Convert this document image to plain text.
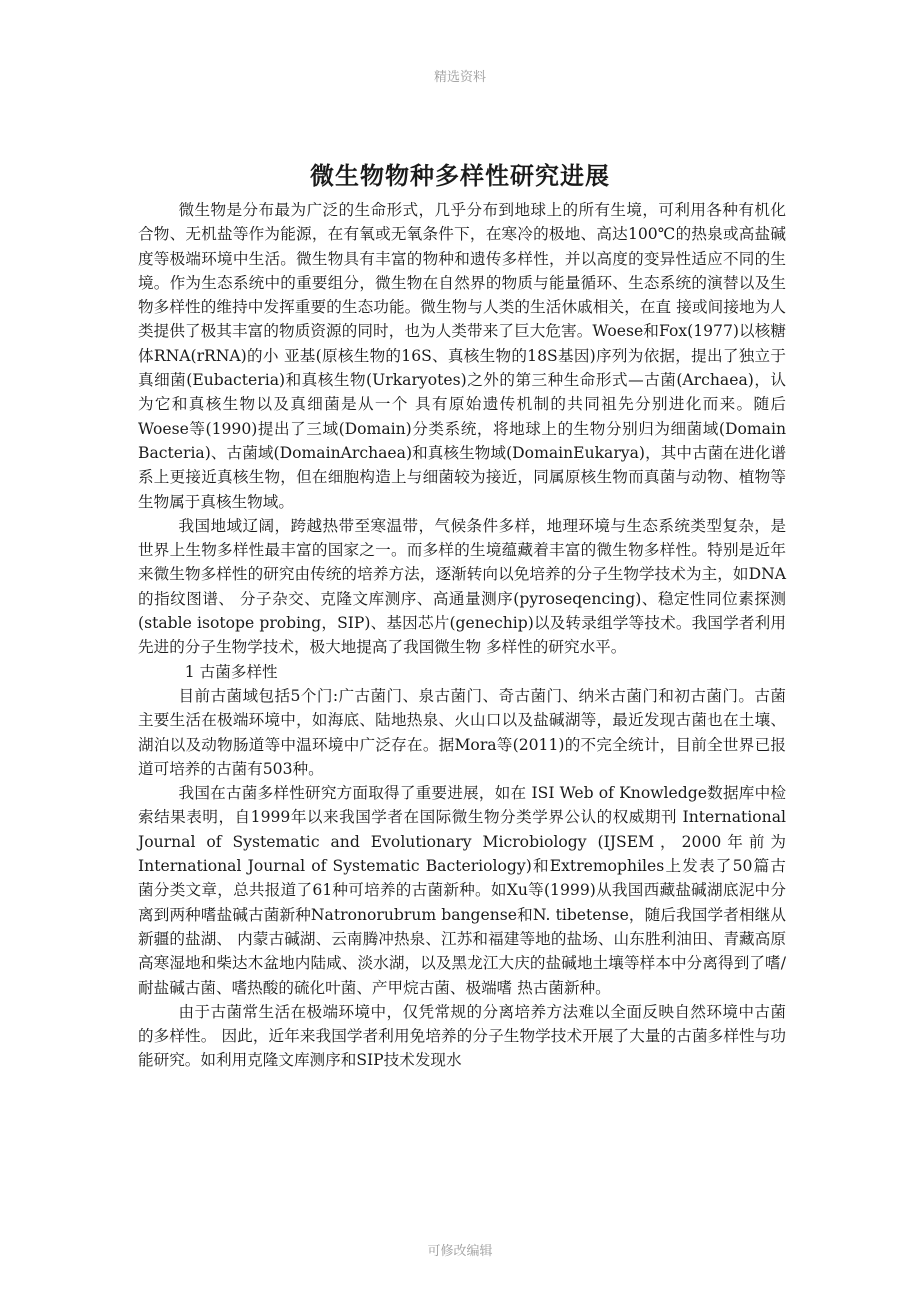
精选资料
微生物物种多样性研究进展

微生物是分布最为广泛的生命形式，几乎分布到地球上的所有生境，可利用各种有机化合物、无机盐等作为能源，在有氧或无氧条件下，在寒冷的极地、高达100℃的热泉或高盐碱度等极端环境中生活。微生物具有丰富的物种和遗传多样性，并以高度的变异性适应不同的生境。作为生态系统中的重要组分，微生物在自然界的物质与能量循环、生态系统的演替以及生物多样性的维持中发挥重要的生态功能。微生物与人类的生活休戚相关，在直 接或间接地为人类提供了极其丰富的物质资源的同时，也为人类带来了巨大危害。Woese和Fox(1977)以核糖体RNA(rRNA)的小 亚基(原核生物的16S、真核生物的18S基因)序列为依据，提出了独立于真细菌(Eubacteria)和真核生物(Urkaryotes)之外的第三种生命形式—古菌(Archaea)，认为它和真核生物以及真细菌是从一个 具有原始遗传机制的共同祖先分别进化而来。随后 Woese等(1990)提出了三域(Domain)分类系统，将地球上的生物分别归为细菌域(Domain Bacteria)、古菌域(DomainArchaea)和真核生物域(DomainEukarya)，其中古菌在进化谱系上更接近真核生物，但在细胞构造上与细菌较为接近，同属原核生物而真菌与动物、植物等生物属于真核生物域。

我国地域辽阔，跨越热带至寒温带，气候条件多样，地理环境与生态系统类型复杂，是世界上生物多样性最丰富的国家之一。而多样的生境蕴藏着丰富的微生物多样性。特别是近年来微生物多样性的研究由传统的培养方法，逐渐转向以免培养的分子生物学技术为主，如DNA的指纹图谱、 分子杂交、克隆文库测序、高通量测序(pyroseqencing)、稳定性同位素探测(stable isotope probing，SIP)、基因芯片(genechip)以及转录组学等技术。我国学者利用先进的分子生物学技术，极大地提高了我国微生物 多样性的研究水平。

1 古菌多样性

目前古菌域包括5个门:广古菌门、泉古菌门、奇古菌门、纳米古菌门和初古菌门。古菌主要生活在极端环境中，如海底、陆地热泉、火山口以及盐碱湖等，最近发现古菌也在土壤、湖泊以及动物肠道等中温环境中广泛存在。据Mora等(2011)的不完全统计，目前全世界已报道可培养的古菌有503种。

我国在古菌多样性研究方面取得了重要进展，如在 ISI Web of Knowledge数据库中检索结果表明，自1999年以来我国学者在国际微生物分类学界公认的权威期刊 International Journal of Systematic and Evolutionary Microbiology (IJSEM，2000年前为International Journal of Systematic Bacteriology)和Extremophiles上发表了50篇古菌分类文章，总共报道了61种可培养的古菌新种。如Xu等(1999)从我国西藏盐碱湖底泥中分离到两种嗜盐碱古菌新种Natronorubrum bangense和N. tibetense，随后我国学者相继从新疆的盐湖、 内蒙古碱湖、云南腾冲热泉、江苏和福建等地的盐场、山东胜利油田、青藏高原高寒湿地和柴达木盆地内陆咸、淡水湖，以及黑龙江大庆的盐碱地土壤等样本中分离得到了嗜/耐盐碱古菌、嗜热酸的硫化叶菌、产甲烷古菌、极端嗜 热古菌新种。

由于古菌常生活在极端环境中，仅凭常规的分离培养方法难以全面反映自然环境中古菌的多样性。 因此，近年来我国学者利用免培养的分子生物学技术开展了大量的古菌多样性与功能研究。如利用克隆文库测序和SIP技术发现水

可修改编辑
